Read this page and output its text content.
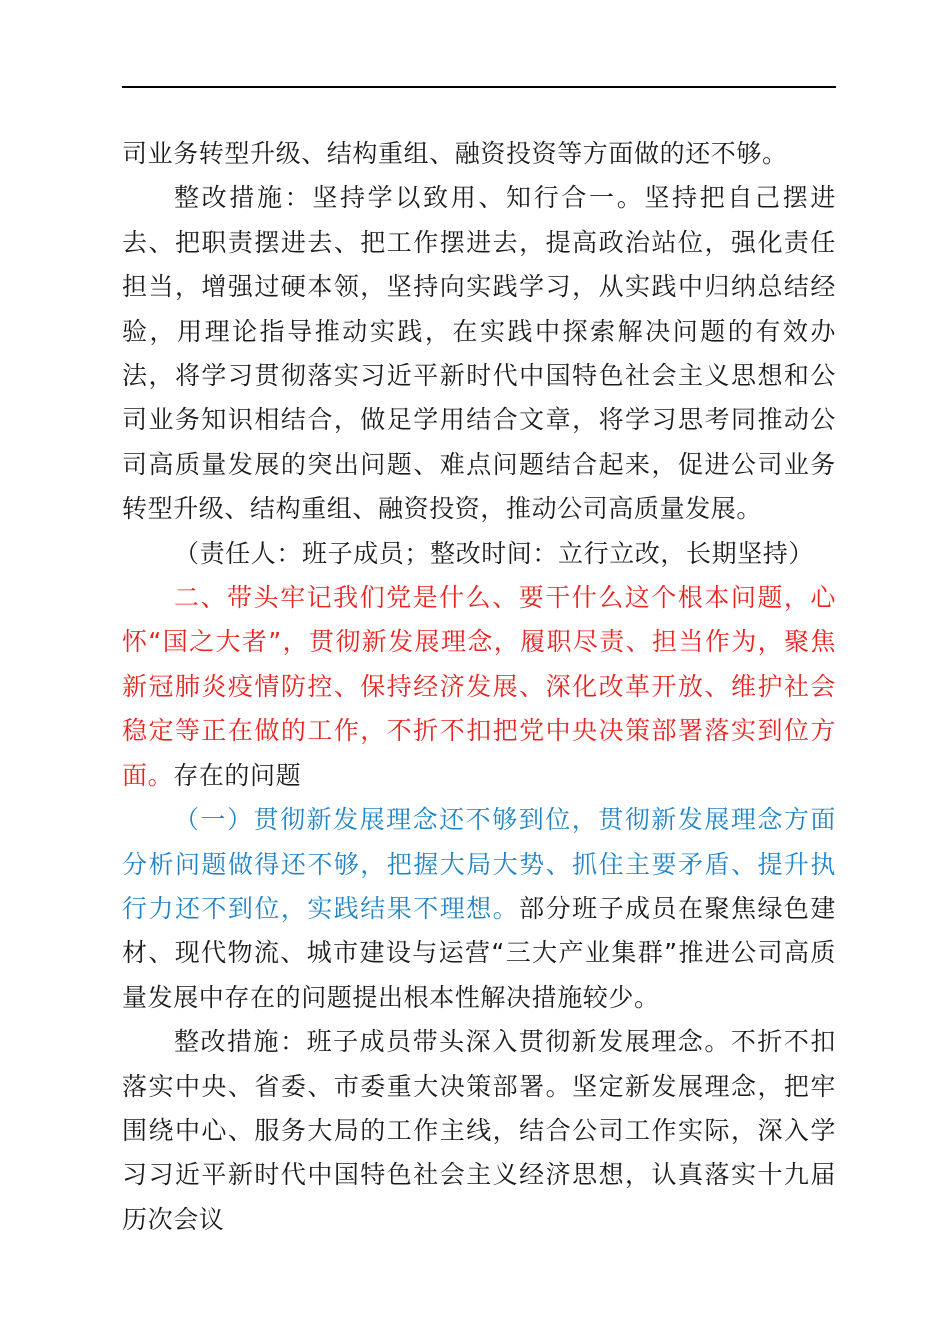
司业务转型升级、结构重组、融资投资等方面做的还不够。

整改措施：坚持学以致用、知行合一。坚持把自己摆进去、把职责摆进去、把工作摆进去，提高政治站位，强化责任担当，增强过硬本领，坚持向实践学习，从实践中归纳总结经验，用理论指导推动实践，在实践中探索解决问题的有效办法，将学习贯彻落实习近平新时代中国特色社会主义思想和公司业务知识相结合，做足学用结合文章，将学习思考同推动公司高质量发展的突出问题、难点问题结合起来，促进公司业务转型升级、结构重组、融资投资，推动公司高质量发展。

（责任人：班子成员；整改时间：立行立改，长期坚持）

二、带头牢记我们党是什么、要干什么这个根本问题，心怀“国之大者”，贯彻新发展理念，履职尽责、担当作为，聚焦新冠肺炎疫情防控、保持经济发展、深化改革开放、维护社会稳定等正在做的工作，不折不扣把党中央决策部署落实到位方面。存在的问题

（一）贯彻新发展理念还不够到位，贯彻新发展理念方面分析问题做得还不够，把握大局大势、抓住主要矛盾、提升执行力还不到位，实践结果不理想。部分班子成员在聚焦绿色建材、现代物流、城市建设与运营“三大产业集群”推进公司高质量发展中存在的问题提出根本性解决措施较少。

整改措施：班子成员带头深入贯彻新发展理念。不折不扣落实中央、省委、市委重大决策部署。坚定新发展理念，把牢围绕中心、服务大局的工作主线，结合公司工作实际，深入学习习近平新时代中国特色社会主义经济思想，认真落实十九届历次会议
